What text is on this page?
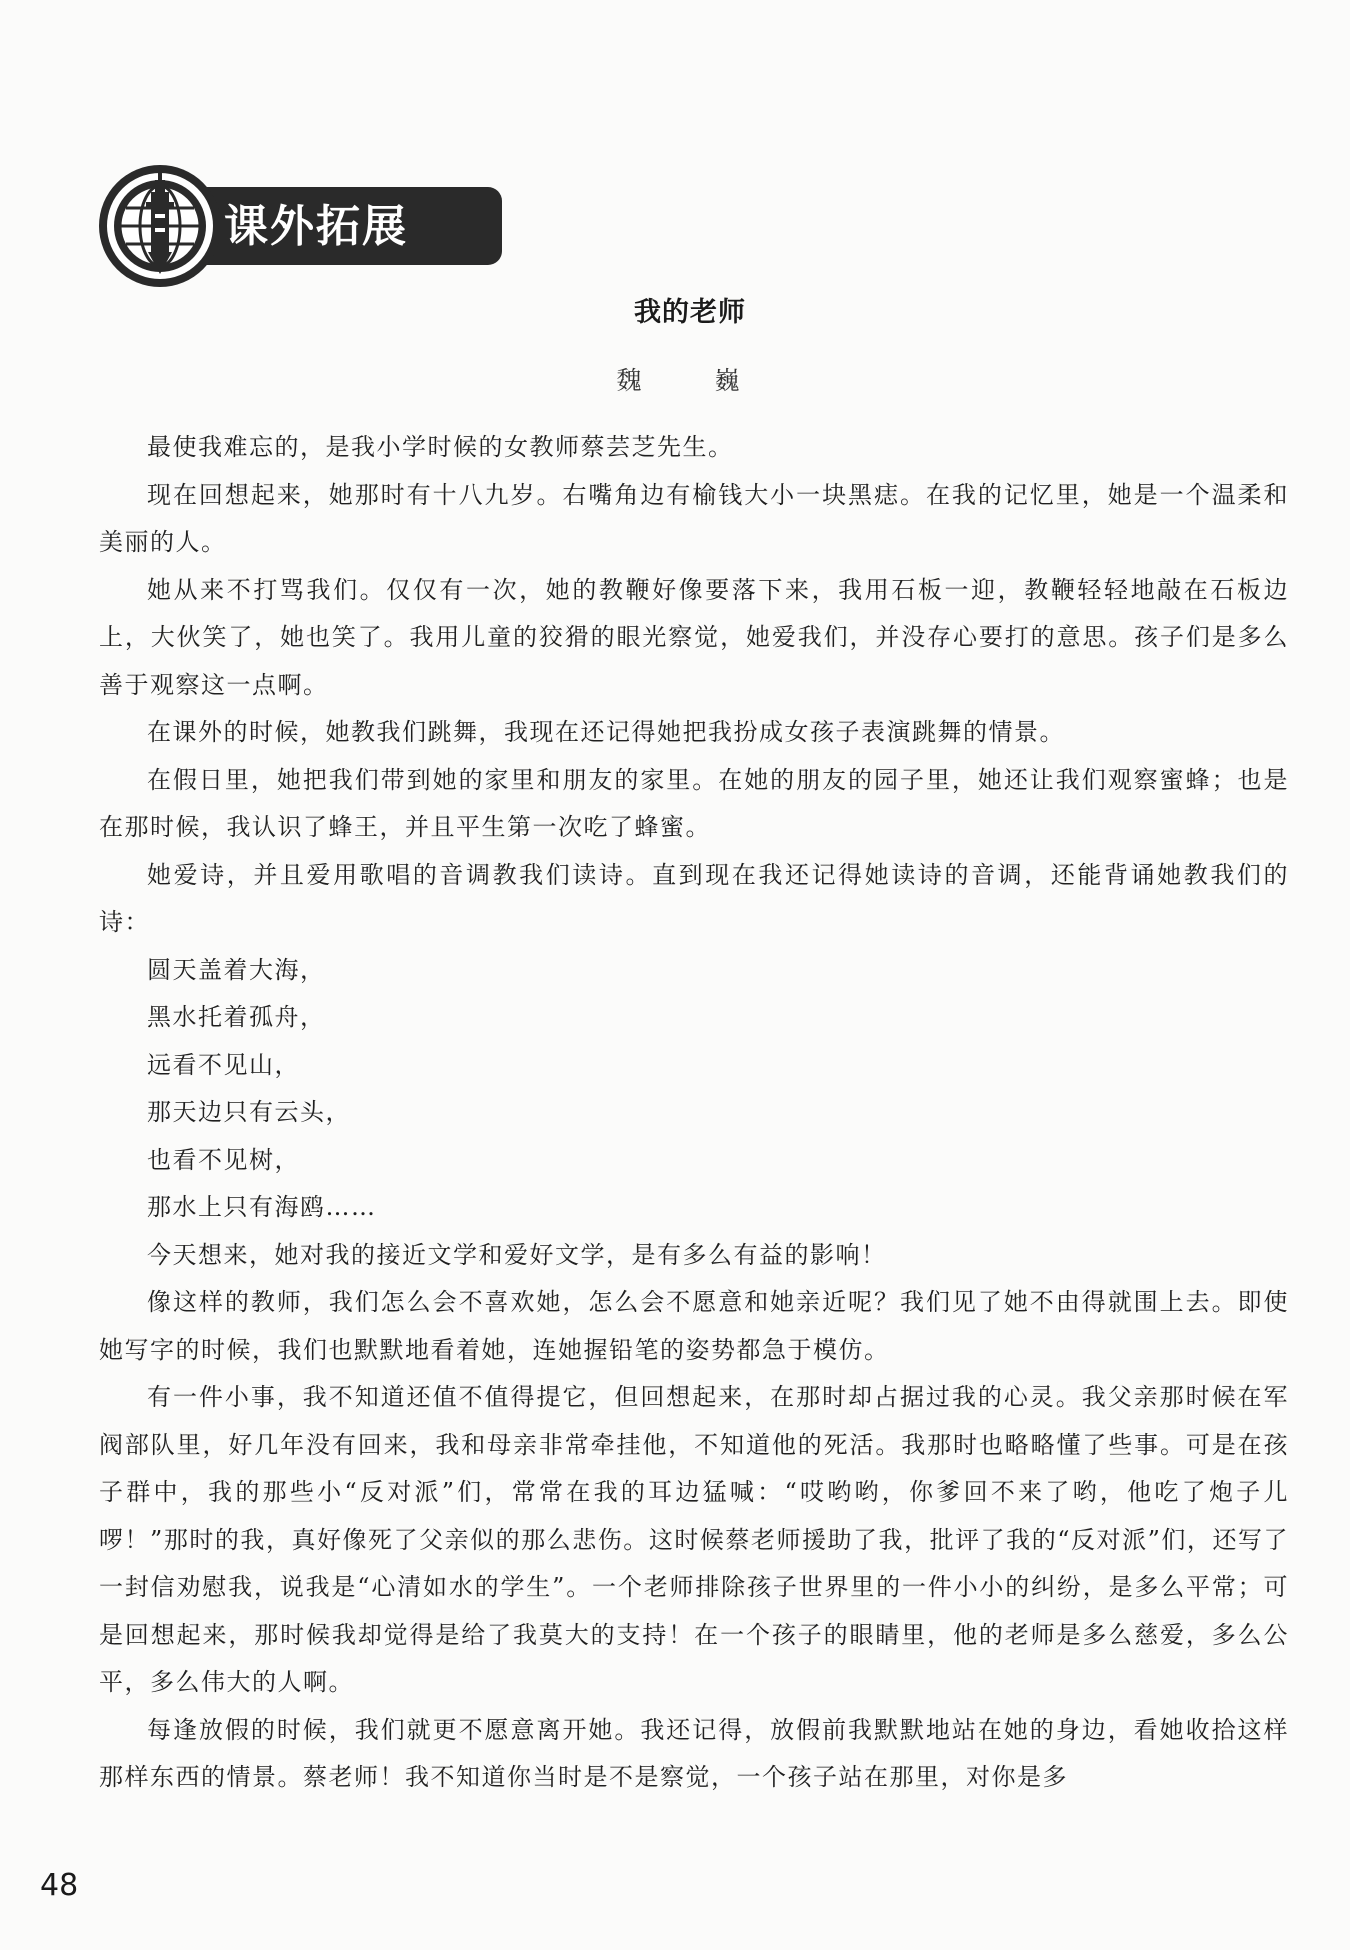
课外拓展
我的老师
魏　巍

最使我难忘的，是我小学时候的女教师蔡芸芝先生。

现在回想起来，她那时有十八九岁。右嘴角边有榆钱大小一块黑痣。在我的记忆里，她是一个温柔和美丽的人。

她从来不打骂我们。仅仅有一次，她的教鞭好像要落下来，我用石板一迎，教鞭轻轻地敲在石板边上，大伙笑了，她也笑了。我用儿童的狡猾的眼光察觉，她爱我们，并没存心要打的意思。孩子们是多么善于观察这一点啊。

在课外的时候，她教我们跳舞，我现在还记得她把我扮成女孩子表演跳舞的情景。

在假日里，她把我们带到她的家里和朋友的家里。在她的朋友的园子里，她还让我们观察蜜蜂；也是在那时候，我认识了蜂王，并且平生第一次吃了蜂蜜。

她爱诗，并且爱用歌唱的音调教我们读诗。直到现在我还记得她读诗的音调，还能背诵她教我们的诗：

圆天盖着大海，

黑水托着孤舟，

远看不见山，

那天边只有云头，

也看不见树，

那水上只有海鸥……

今天想来，她对我的接近文学和爱好文学，是有多么有益的影响！

像这样的教师，我们怎么会不喜欢她，怎么会不愿意和她亲近呢？我们见了她不由得就围上去。即使她写字的时候，我们也默默地看着她，连她握铅笔的姿势都急于模仿。

有一件小事，我不知道还值不值得提它，但回想起来，在那时却占据过我的心灵。我父亲那时候在军阀部队里，好几年没有回来，我和母亲非常牵挂他，不知道他的死活。我那时也略略懂了些事。可是在孩子群中，我的那些小“反对派”们，常常在我的耳边猛喊：“哎哟哟，你爹回不来了哟，他吃了炮子儿啰！”那时的我，真好像死了父亲似的那么悲伤。这时候蔡老师援助了我，批评了我的“反对派”们，还写了一封信劝慰我，说我是“心清如水的学生”。一个老师排除孩子世界里的一件小小的纠纷，是多么平常；可是回想起来，那时候我却觉得是给了我莫大的支持！在一个孩子的眼睛里，他的老师是多么慈爱，多么公平，多么伟大的人啊。

每逢放假的时候，我们就更不愿意离开她。我还记得，放假前我默默地站在她的身边，看她收拾这样那样东西的情景。蔡老师！我不知道你当时是不是察觉，一个孩子站在那里，对你是多

48
